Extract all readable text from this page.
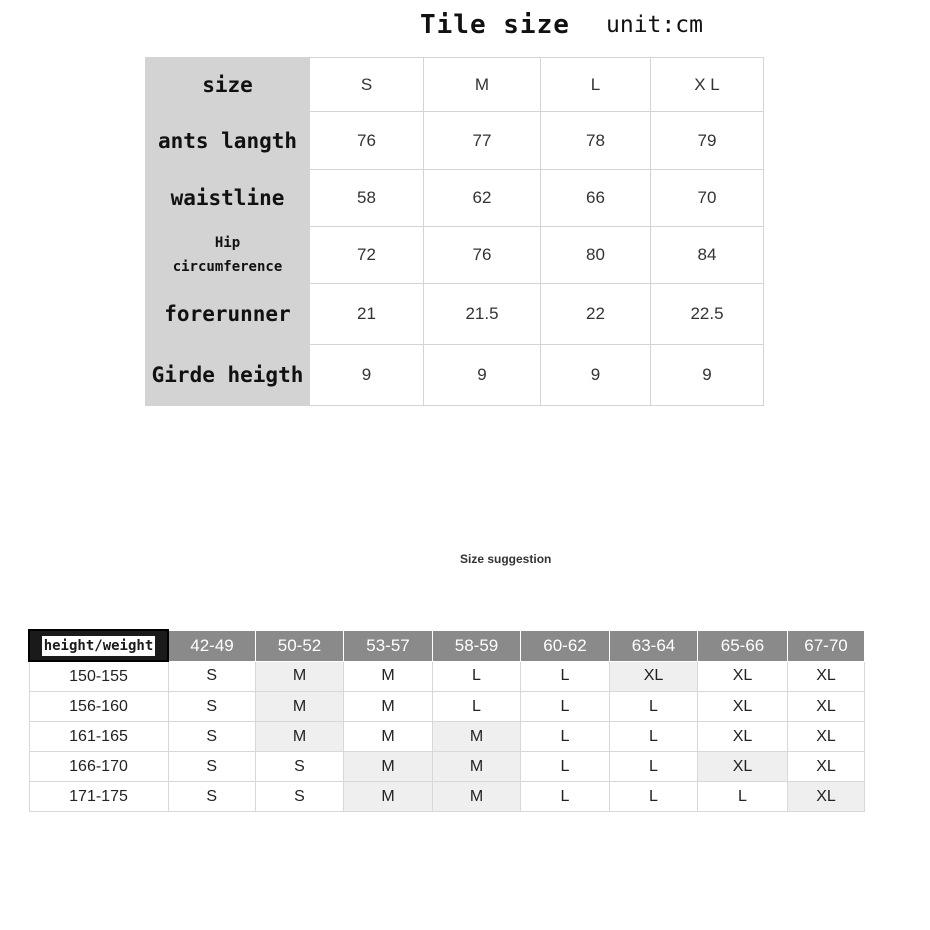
Tile size unit:cm
size	S	M	L	X L
ants langth	76	77	78	79
waistline	58	62	66	70

Hip
circumference	72	76	80	84
forerunner	21	21.5	22	22.5
Girde heigth	9	9	9	9
Size suggestion
height/weight	42-49	50-52	53-57	58-59	60-62	63-64	65-66	67-70
150-155	S	M	M	L	L	XL	XL	XL
156-160	S	M	M	L	L	L	XL	XL
161-165	S	M	M	M	L	L	XL	XL
166-170	S	S	M	M	L	L	XL	XL
171-175	S	S	M	M	L	L	L	XL
